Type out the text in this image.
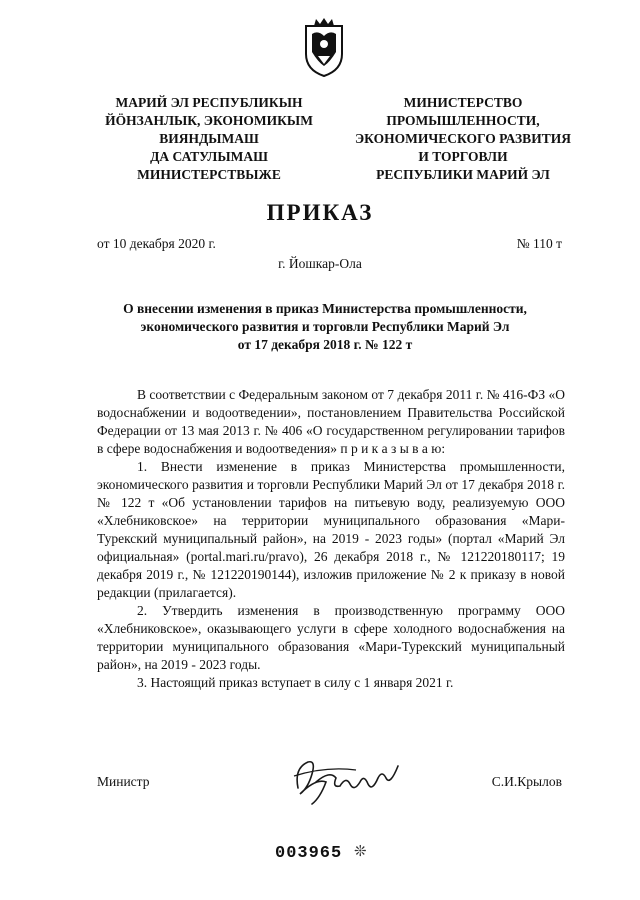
МАРИЙ ЭЛ РЕСПУБЛИКЫН
ЙӦНЗАНЛЫК, ЭКОНОМИКЫМ
ВИЯНДЫМАШ
ДА САТУЛЫМАШ
МИНИСТЕРСТВЫЖЕ
МИНИСТЕРСТВО
ПРОМЫШЛЕННОСТИ,
ЭКОНОМИЧЕСКОГО РАЗВИТИЯ
И ТОРГОВЛИ
РЕСПУБЛИКИ МАРИЙ ЭЛ
ПРИКАЗ
от 10 декабря 2020 г.	№ 110 т
г. Йошкар-Ола
О внесении изменения в приказ Министерства промышленности,
экономического развития и торговли Республики Марий Эл
от 17 декабря 2018 г. № 122 т

В соответствии с Федеральным законом от 7 декабря 2011 г. № 416-ФЗ «О водоснабжении и водоотведении», постановлением Правительства Российской Федерации от 13 мая 2013 г. № 406 «О государственном регулировании тарифов в сфере водоснабжения и водоотведения» п р и к а з ы в а ю:

1. Внести изменение в приказ Министерства промышленности, экономического развития и торговли Республики Марий Эл от 17 декабря 2018 г. № 122 т «Об установлении тарифов на питьевую воду, реализуемую ООО «Хлебниковское» на территории муниципального образования «Мари-Турекский муниципальный район», на 2019 - 2023 годы» (портал «Марий Эл официальная» (portal.mari.ru/pravo), 26 декабря 2018 г., № 121220180117; 19 декабря 2019 г., № 121220190144), изложив приложение № 2 к приказу в новой редакции (прилагается).

2. Утвердить изменения в производственную программу ООО «Хлебниковское», оказывающего услуги в сфере холодного водоснабжения на территории муниципального образования «Мари-Турекский муниципальный район», на 2019 - 2023 годы.

3. Настоящий приказ вступает в силу с 1 января 2021 г.

Министр	С.И.Крылов
003965 ❊
